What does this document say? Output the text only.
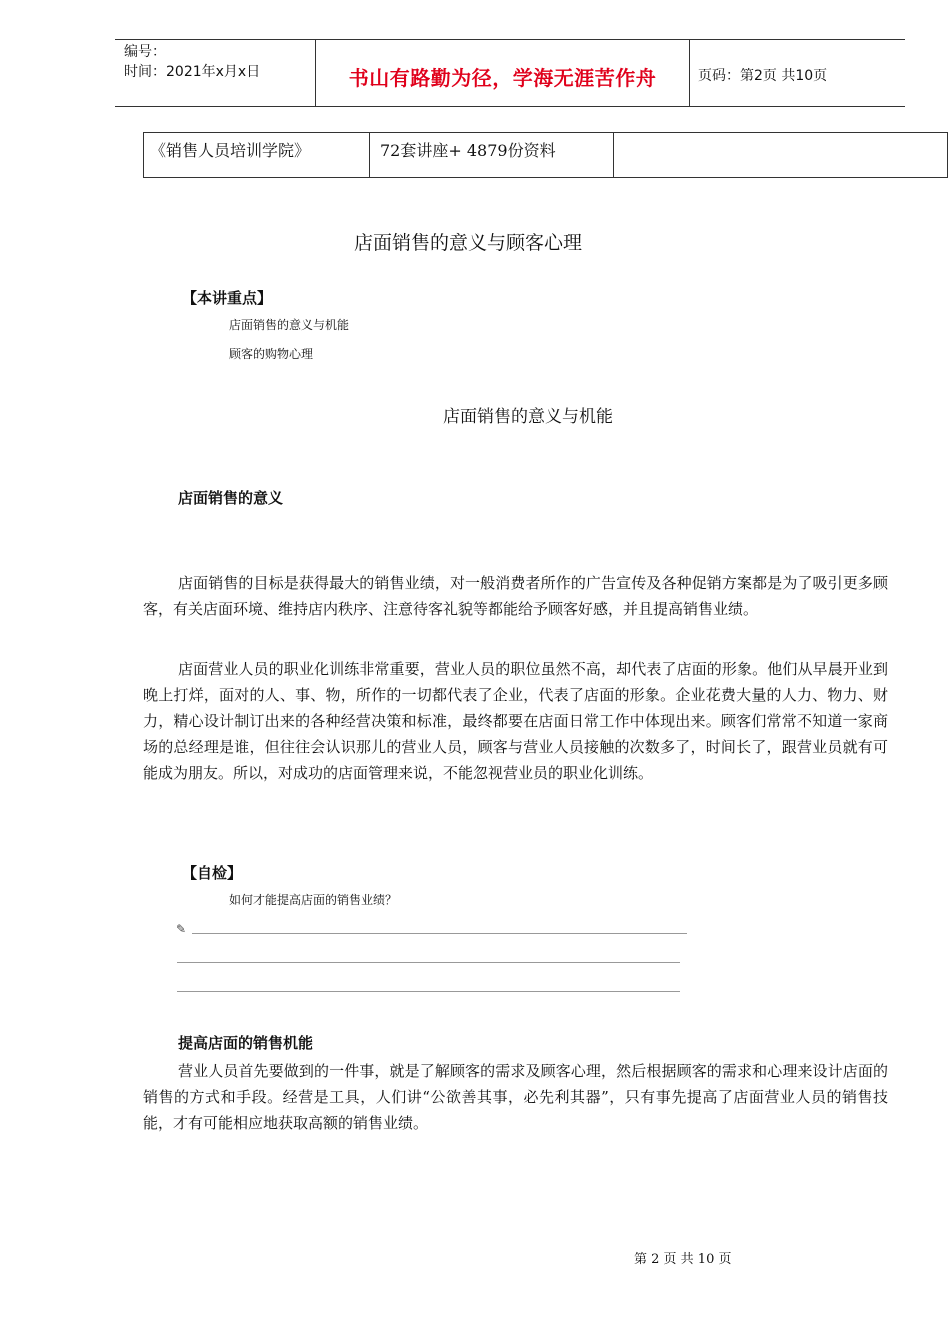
编号：
时间：2021年x月x日	书山有路勤为径，学海无涯苦作舟	页码：第2页 共10页
《销售人员培训学院》	72套讲座+ 4879份资料
店面销售的意义与顾客心理
【本讲重点】
店面销售的意义与机能
顾客的购物心理
店面销售的意义与机能
店面销售的意义

店面销售的目标是获得最大的销售业绩，对一般消费者所作的广告宣传及各种促销方案都是为了吸引更多顾客，有关店面环境、维持店内秩序、注意待客礼貌等都能给予顾客好感，并且提高销售业绩。

店面营业人员的职业化训练非常重要，营业人员的职位虽然不高，却代表了店面的形象。他们从早晨开业到晚上打烊，面对的人、事、物，所作的一切都代表了企业，代表了店面的形象。企业花费大量的人力、物力、财力，精心设计制订出来的各种经营决策和标准，最终都要在店面日常工作中体现出来。顾客们常常不知道一家商场的总经理是谁，但往往会认识那儿的营业人员，顾客与营业人员接触的次数多了，时间长了，跟营业员就有可能成为朋友。所以，对成功的店面管理来说，不能忽视营业员的职业化训练。

【自检】
如何才能提高店面的销售业绩？
✎
提高店面的销售机能

营业人员首先要做到的一件事，就是了解顾客的需求及顾客心理，然后根据顾客的需求和心理来设计店面的销售的方式和手段。经营是工具，人们讲“公欲善其事，必先利其器”，只有事先提高了店面营业人员的销售技能，才有可能相应地获取高额的销售业绩。

第 2 页 共 10 页
